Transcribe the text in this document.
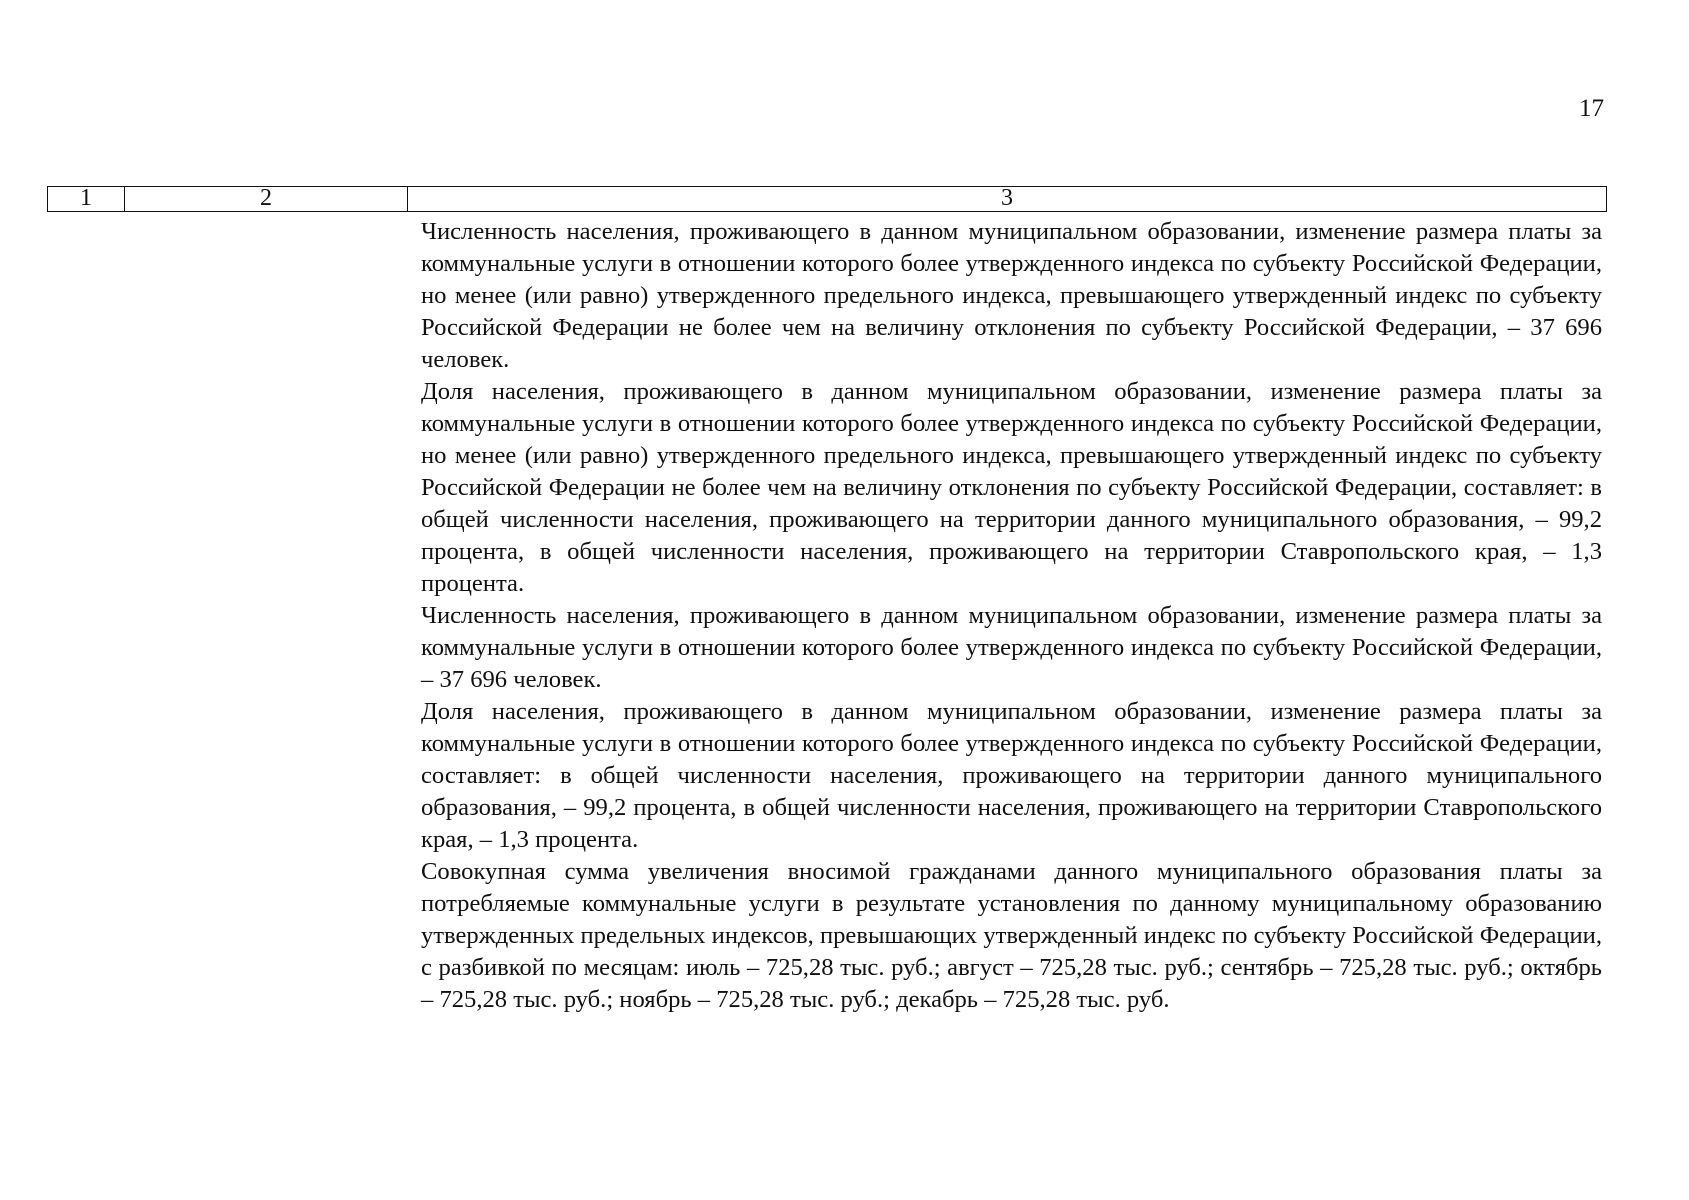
17
1	2	3

Численность населения, проживающего в данном муниципальном образовании, изменение размера платы за коммунальные услуги в отношении которого более утвержденного индекса по субъекту Российской Федерации, но менее (или равно) утвержденного предельного индекса, превышающего утвержденный индекс по субъекту Российской Федерации не более чем на величину отклонения по субъекту Российской Федерации, – 37 696 человек.

Доля населения, проживающего в данном муниципальном образовании, изменение размера платы за коммунальные услуги в отношении которого более утвержденного индекса по субъекту Российской Федерации, но менее (или равно) утвержденного предельного индекса, превышающего утвержденный индекс по субъекту Российской Федерации не более чем на величину отклонения по субъекту Российской Федерации, составляет: в общей численности населения, проживающего на территории данного муниципального образования, – 99,2 процента, в общей численности населения, проживающего на территории Ставропольского края, – 1,3 процента.

Численность населения, проживающего в данном муниципальном образовании, изменение размера платы за коммунальные услуги в отношении которого более утвержденного индекса по субъекту Российской Федерации, – 37 696 человек.

Доля населения, проживающего в данном муниципальном образовании, изменение размера платы за коммунальные услуги в отношении которого более утвержденного индекса по субъекту Российской Федерации, составляет: в общей численности населения, проживающего на территории данного муниципального образования, – 99,2 процента, в общей численности населения, проживающего на территории Ставропольского края, – 1,3 процента.

Совокупная сумма увеличения вносимой гражданами данного муниципального образования платы за потребляемые коммунальные услуги в результате установления по данному муниципальному образованию утвержденных предельных индексов, превышающих утвержденный индекс по субъекту Российской Федерации, с разбивкой по месяцам: июль – 725,28 тыс. руб.; август – 725,28 тыс. руб.; сентябрь – 725,28 тыс. руб.; октябрь – 725,28 тыс. руб.; ноябрь – 725,28 тыс. руб.; декабрь – 725,28 тыс. руб.
